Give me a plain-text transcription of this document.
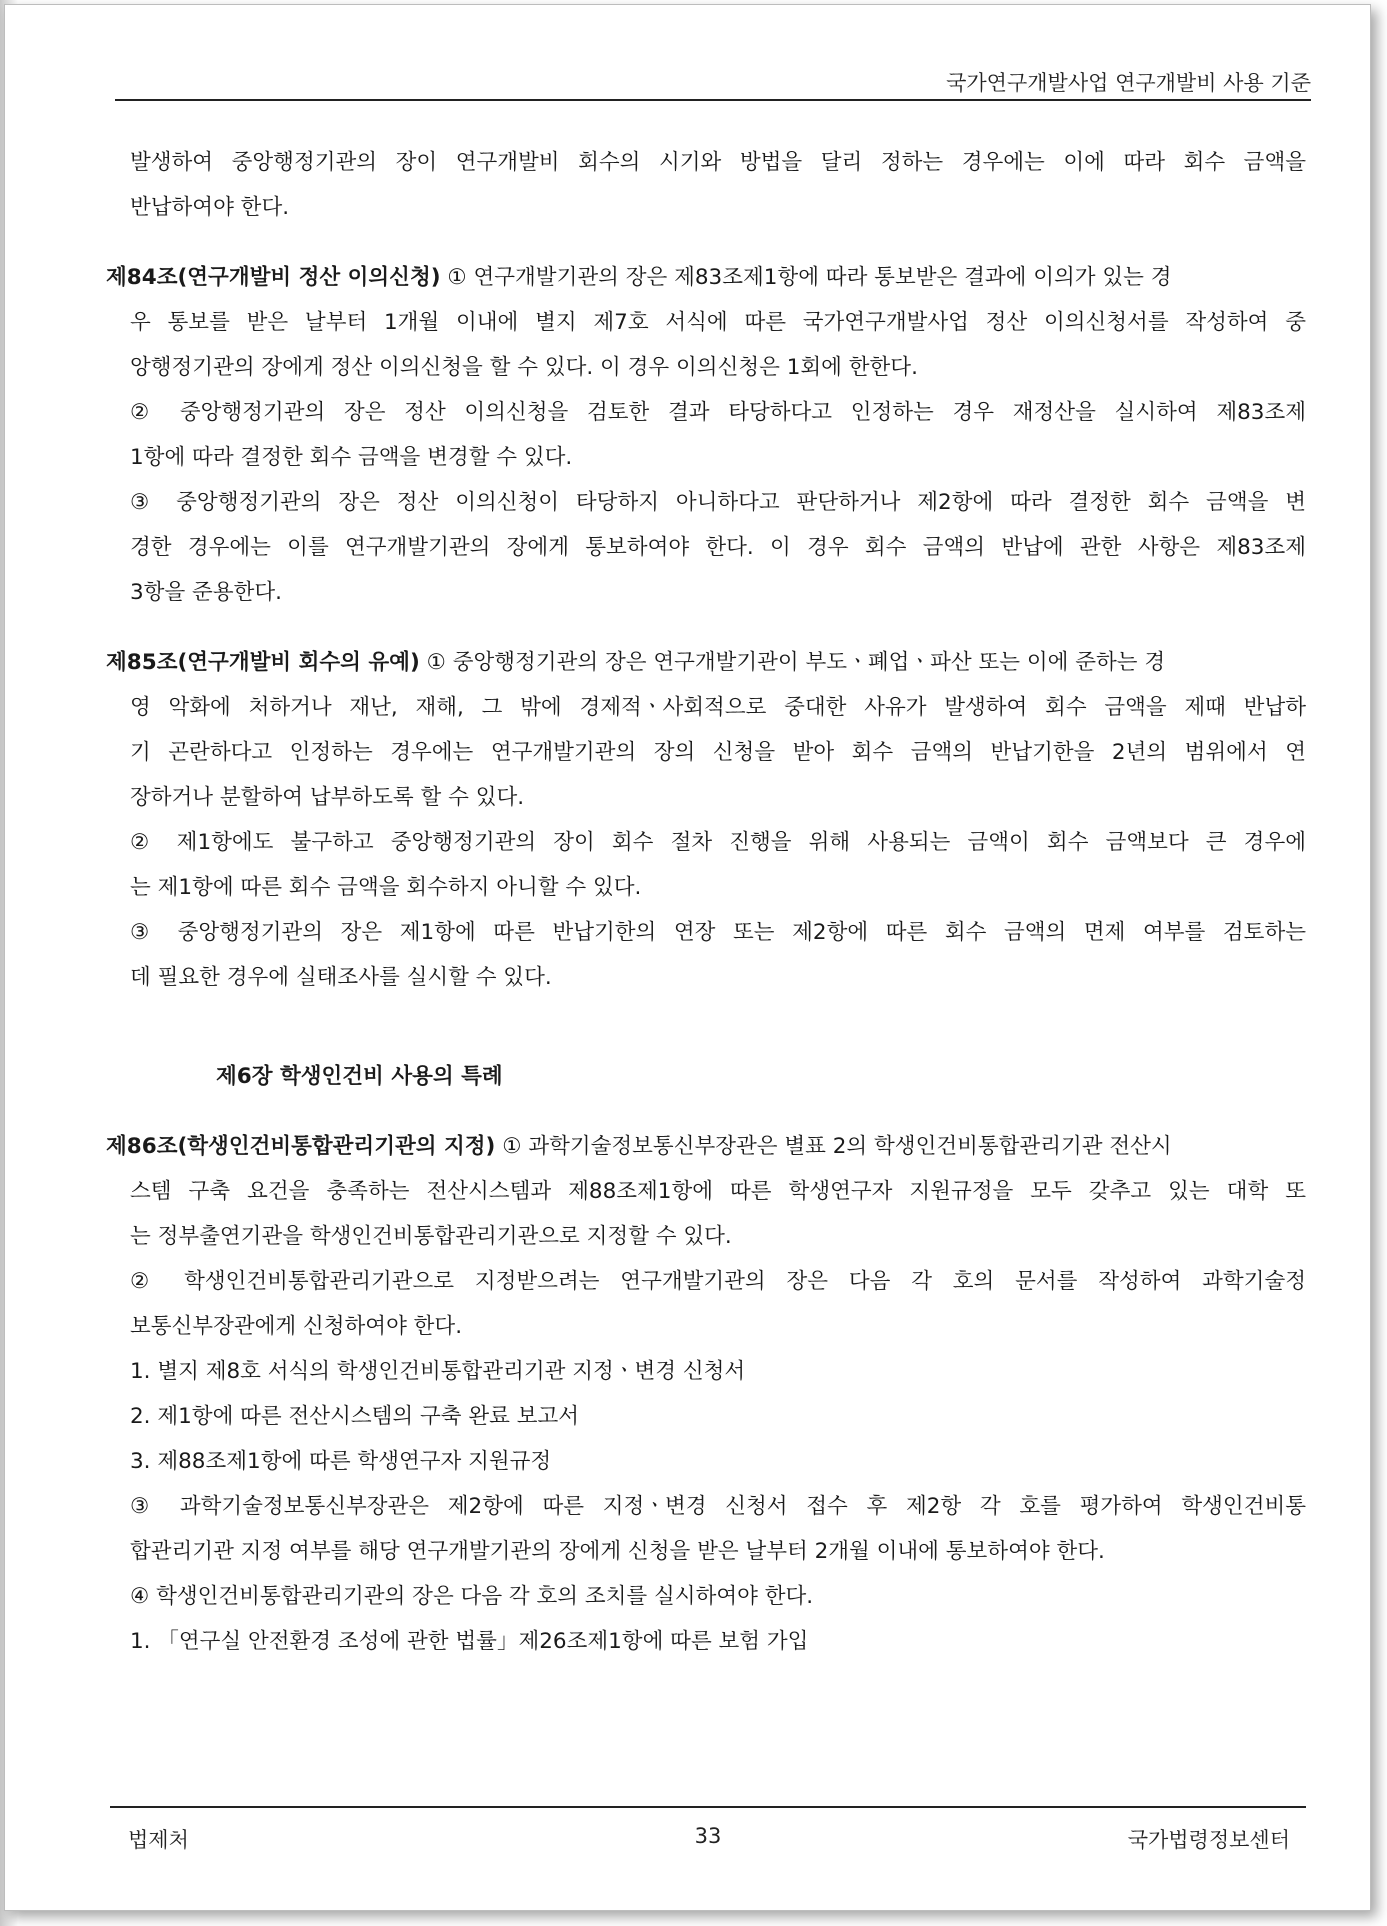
국가연구개발사업 연구개발비 사용 기준
발생하여 중앙행정기관의 장이 연구개발비 회수의 시기와 방법을 달리 정하는 경우에는 이에 따라 회수 금액을
반납하여야 한다.
제84조(연구개발비 정산 이의신청) ① 연구개발기관의 장은 제83조제1항에 따라 통보받은 결과에 이의가 있는 경
우 통보를 받은 날부터 1개월 이내에 별지 제7호 서식에 따른 국가연구개발사업 정산 이의신청서를 작성하여 중
앙행정기관의 장에게 정산 이의신청을 할 수 있다. 이 경우 이의신청은 1회에 한한다.
② 중앙행정기관의 장은 정산 이의신청을 검토한 결과 타당하다고 인정하는 경우 재정산을 실시하여 제83조제
1항에 따라 결정한 회수 금액을 변경할 수 있다.
③ 중앙행정기관의 장은 정산 이의신청이 타당하지 아니하다고 판단하거나 제2항에 따라 결정한 회수 금액을 변
경한 경우에는 이를 연구개발기관의 장에게 통보하여야 한다. 이 경우 회수 금액의 반납에 관한 사항은 제83조제
3항을 준용한다.
제85조(연구개발비 회수의 유예) ① 중앙행정기관의 장은 연구개발기관이 부도ㆍ폐업ㆍ파산 또는 이에 준하는 경
영 악화에 처하거나 재난, 재해, 그 밖에 경제적ㆍ사회적으로 중대한 사유가 발생하여 회수 금액을 제때 반납하
기 곤란하다고 인정하는 경우에는 연구개발기관의 장의 신청을 받아 회수 금액의 반납기한을 2년의 범위에서 연
장하거나 분할하여 납부하도록 할 수 있다.
② 제1항에도 불구하고 중앙행정기관의 장이 회수 절차 진행을 위해 사용되는 금액이 회수 금액보다 큰 경우에
는 제1항에 따른 회수 금액을 회수하지 아니할 수 있다.
③ 중앙행정기관의 장은 제1항에 따른 반납기한의 연장 또는 제2항에 따른 회수 금액의 면제 여부를 검토하는
데 필요한 경우에 실태조사를 실시할 수 있다.
제6장 학생인건비 사용의 특례
제86조(학생인건비통합관리기관의 지정) ① 과학기술정보통신부장관은 별표 2의 학생인건비통합관리기관 전산시
스템 구축 요건을 충족하는 전산시스템과 제88조제1항에 따른 학생연구자 지원규정을 모두 갖추고 있는 대학 또
는 정부출연기관을 학생인건비통합관리기관으로 지정할 수 있다.
② 학생인건비통합관리기관으로 지정받으려는 연구개발기관의 장은 다음 각 호의 문서를 작성하여 과학기술정
보통신부장관에게 신청하여야 한다.
1. 별지 제8호 서식의 학생인건비통합관리기관 지정ㆍ변경 신청서
2. 제1항에 따른 전산시스템의 구축 완료 보고서
3. 제88조제1항에 따른 학생연구자 지원규정
③ 과학기술정보통신부장관은 제2항에 따른 지정ㆍ변경 신청서 접수 후 제2항 각 호를 평가하여 학생인건비통
합관리기관 지정 여부를 해당 연구개발기관의 장에게 신청을 받은 날부터 2개월 이내에 통보하여야 한다.
④ 학생인건비통합관리기관의 장은 다음 각 호의 조치를 실시하여야 한다.
1. 「연구실 안전환경 조성에 관한 법률」제26조제1항에 따른 보험 가입
법제처	33	국가법령정보센터
